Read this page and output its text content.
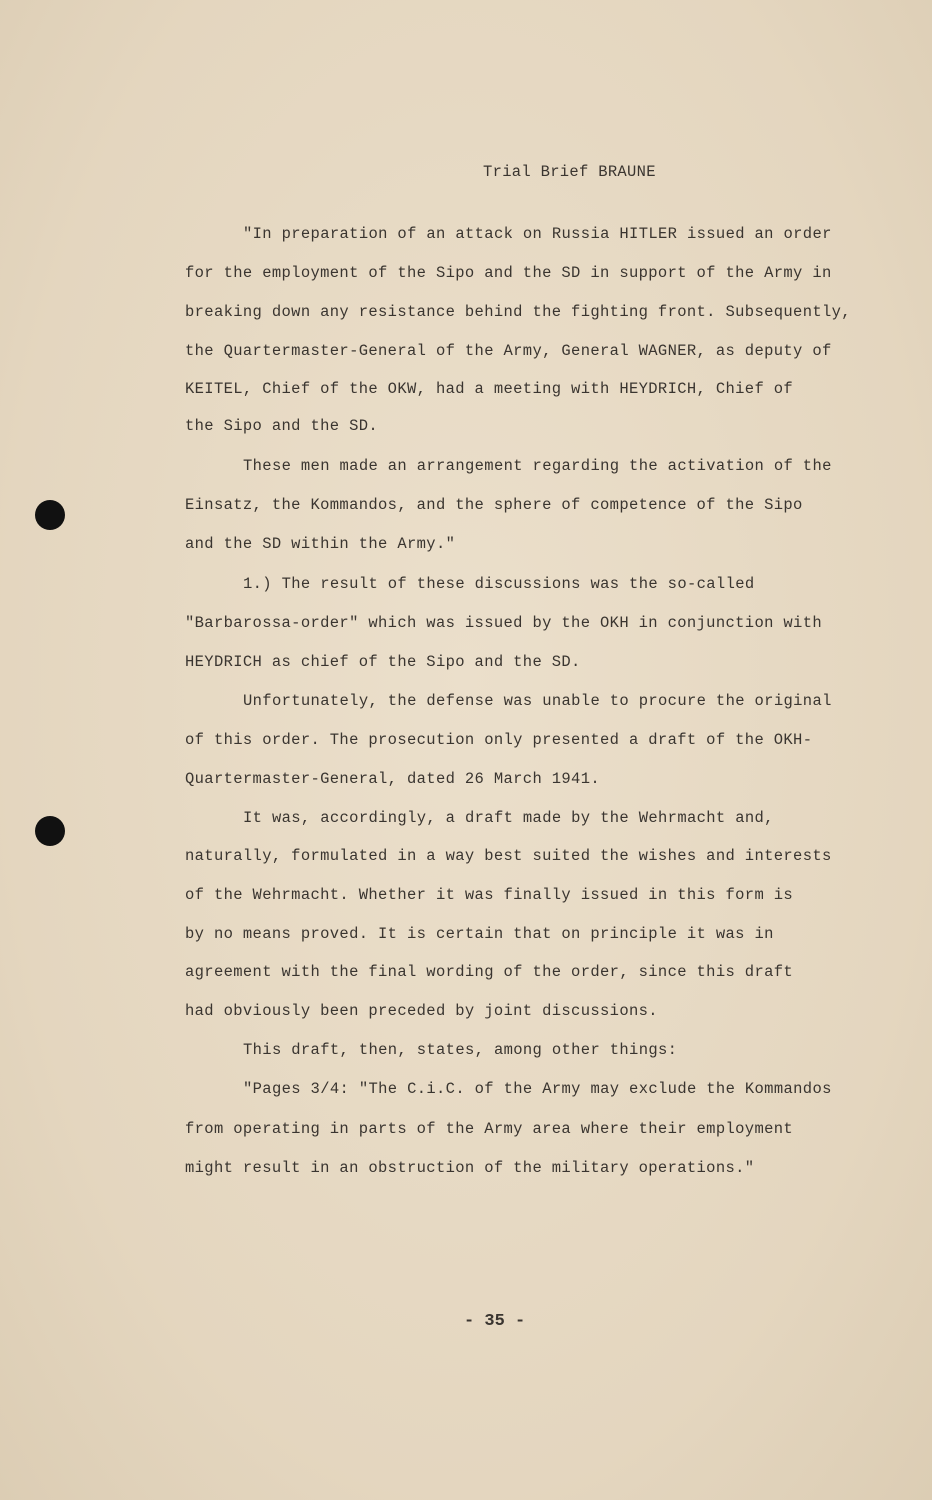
Trial Brief BRAUNE
"In preparation of an attack on Russia HITLER issued an order
for the employment of the Sipo and the SD in support of the Army in
breaking down any resistance behind the fighting front. Subsequently,
the Quartermaster-General of the Army, General WAGNER, as deputy of
KEITEL, Chief of the OKW, had a meeting with HEYDRICH, Chief of
the Sipo and the SD.
These men made an arrangement regarding the activation of the
Einsatz, the Kommandos, and the sphere of competence of the Sipo
and the SD within the Army."
1.) The result of these discussions was the so-called
"Barbarossa-order" which was issued by the OKH in conjunction with
HEYDRICH as chief of the Sipo and the SD.
Unfortunately, the defense was unable to procure the original
of this order. The prosecution only presented a draft of the OKH-
Quartermaster-General, dated 26 March 1941.
It was, accordingly, a draft made by the Wehrmacht and,
naturally, formulated in a way best suited the wishes and interests
of the Wehrmacht. Whether it was finally issued in this form is
by no means proved. It is certain that on principle it was in
agreement with the final wording of the order, since this draft
had obviously been preceded by joint discussions.
This draft, then, states, among other things:
"Pages 3/4: "The C.i.C. of the Army may exclude the Kommandos
from operating in parts of the Army area where their employment
might result in an obstruction of the military operations."
- 35 -
